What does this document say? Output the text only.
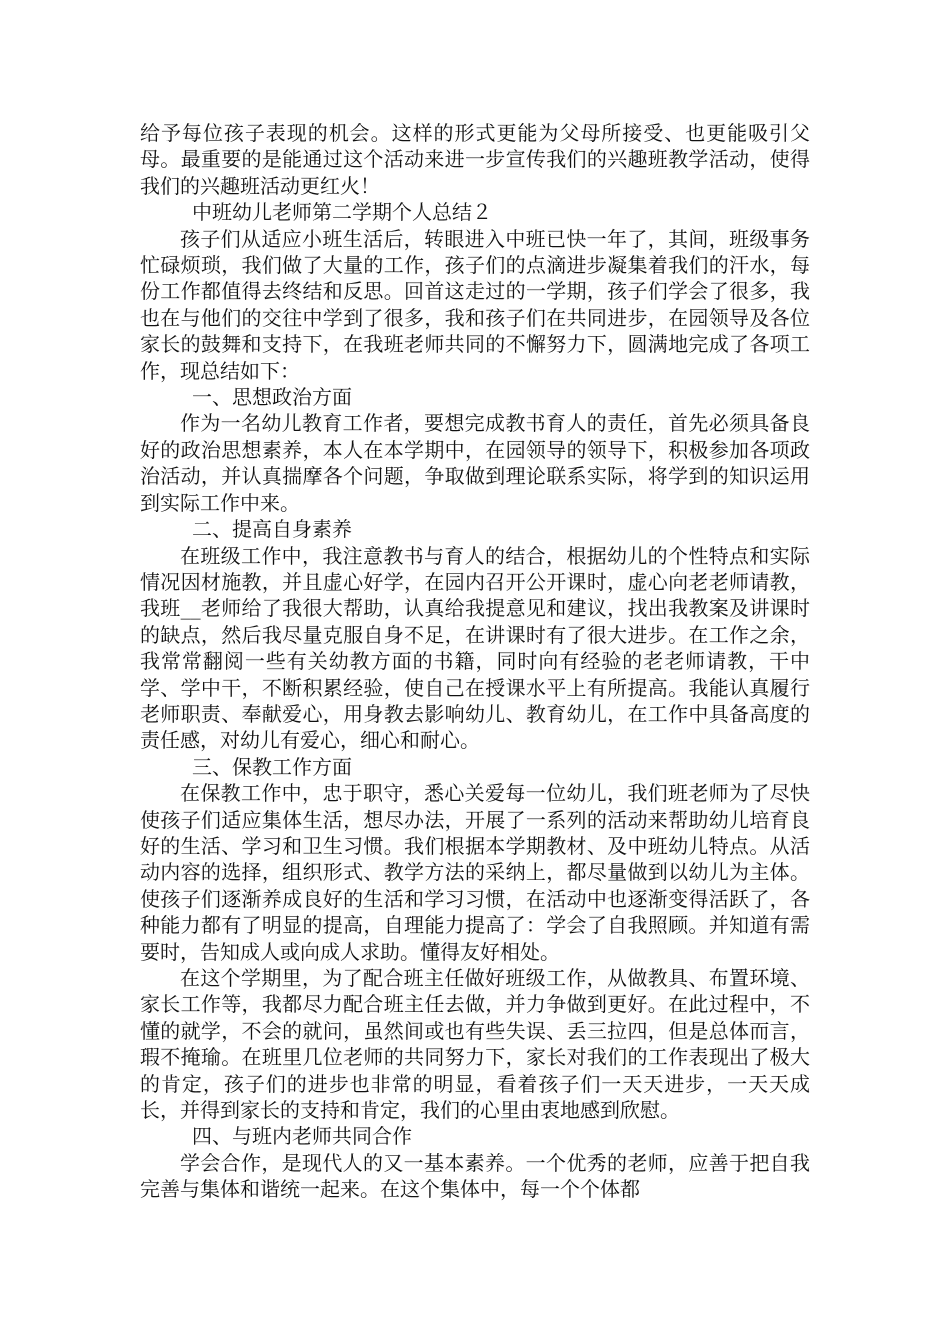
给予每位孩子表现的机会。这样的形式更能为父母所接受、也更能吸引父母。最重要的是能通过这个活动来进一步宣传我们的兴趣班教学活动，使得我们的兴趣班活动更红火！

中班幼儿老师第二学期个人总结２

孩子们从适应小班生活后，转眼进入中班已快一年了，其间，班级事务忙碌烦琐，我们做了大量的工作，孩子们的点滴进步凝集着我们的汗水，每份工作都值得去终结和反思。回首这走过的一学期，孩子们学会了很多，我也在与他们的交往中学到了很多，我和孩子们在共同进步，在园领导及各位家长的鼓舞和支持下，在我班老师共同的不懈努力下，圆满地完成了各项工作，现总结如下：

一、思想政治方面

作为一名幼儿教育工作者，要想完成教书育人的责任，首先必须具备良好的政治思想素养，本人在本学期中，在园领导的领导下，积极参加各项政治活动，并认真揣摩各个问题，争取做到理论联系实际，将学到的知识运用到实际工作中来。

二、提高自身素养

在班级工作中，我注意教书与育人的结合，根据幼儿的个性特点和实际情况因材施教，并且虚心好学，在园内召开公开课时，虚心向老老师请教，我班__老师给了我很大帮助，认真给我提意见和建议，找出我教案及讲课时的缺点，然后我尽量克服自身不足，在讲课时有了很大进步。在工作之余，我常常翻阅一些有关幼教方面的书籍，同时向有经验的老老师请教，干中学、学中干，不断积累经验，使自己在授课水平上有所提高。我能认真履行老师职责、奉献爱心，用身教去影响幼儿、教育幼儿，在工作中具备高度的责任感，对幼儿有爱心，细心和耐心。

三、保教工作方面

在保教工作中，忠于职守，悉心关爱每一位幼儿，我们班老师为了尽快使孩子们适应集体生活，想尽办法，开展了一系列的活动来帮助幼儿培育良好的生活、学习和卫生习惯。我们根据本学期教材、及中班幼儿特点。从活动内容的选择，组织形式、教学方法的采纳上，都尽量做到以幼儿为主体。使孩子们逐渐养成良好的生活和学习习惯，在活动中也逐渐变得活跃了，各种能力都有了明显的提高，自理能力提高了：学会了自我照顾。并知道有需要时，告知成人或向成人求助。懂得友好相处。

在这个学期里，为了配合班主任做好班级工作，从做教具、布置环境、家长工作等，我都尽力配合班主任去做，并力争做到更好。在此过程中，不懂的就学，不会的就问，虽然间或也有些失误、丢三拉四，但是总体而言，瑕不掩瑜。在班里几位老师的共同努力下，家长对我们的工作表现出了极大的肯定，孩子们的进步也非常的明显，看着孩子们一天天进步，一天天成长，并得到家长的支持和肯定，我们的心里由衷地感到欣慰。

四、与班内老师共同合作

学会合作，是现代人的又一基本素养。一个优秀的老师，应善于把自我完善与集体和谐统一起来。在这个集体中，每一个个体都
